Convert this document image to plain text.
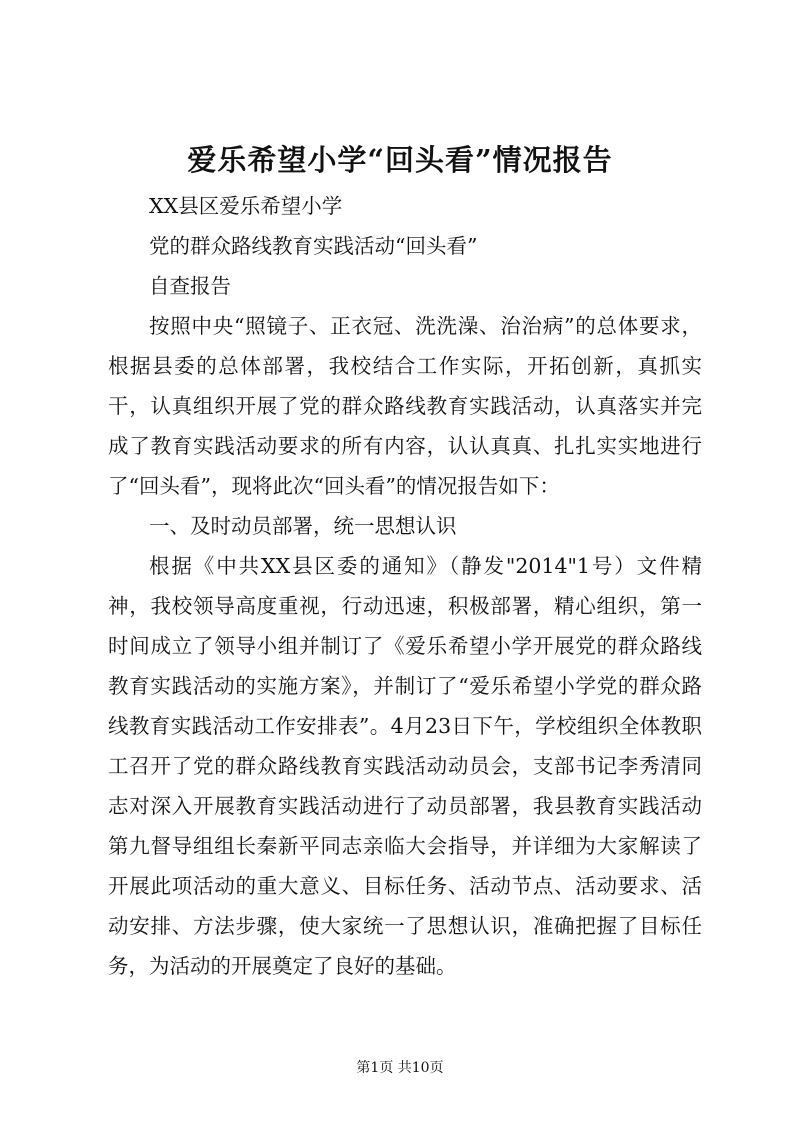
爱乐希望小学“回头看”情况报告

XX县区爱乐希望小学

党的群众路线教育实践活动“回头看”

自查报告

按照中央“照镜子、正衣冠、洗洗澡、治治病”的总体要求，根据县委的总体部署，我校结合工作实际，开拓创新，真抓实干，认真组织开展了党的群众路线教育实践活动，认真落实并完成了教育实践活动要求的所有内容，认认真真、扎扎实实地进行了“回头看”，现将此次“回头看”的情况报告如下：

一、及时动员部署，统一思想认识

根据《中共XX县区委的通知》（静发"2014"1号）文件精神，我校领导高度重视，行动迅速，积极部署，精心组织，第一时间成立了领导小组并制订了《爱乐希望小学开展党的群众路线教育实践活动的实施方案》，并制订了“爱乐希望小学党的群众路线教育实践活动工作安排表”。4月23日下午，学校组织全体教职工召开了党的群众路线教育实践活动动员会，支部书记李秀清同志对深入开展教育实践活动进行了动员部署，我县教育实践活动第九督导组组长秦新平同志亲临大会指导，并详细为大家解读了开展此项活动的重大意义、目标任务、活动节点、活动要求、活动安排、方法步骤，使大家统一了思想认识，准确把握了目标任务，为活动的开展奠定了良好的基础。

第1页 共10页
